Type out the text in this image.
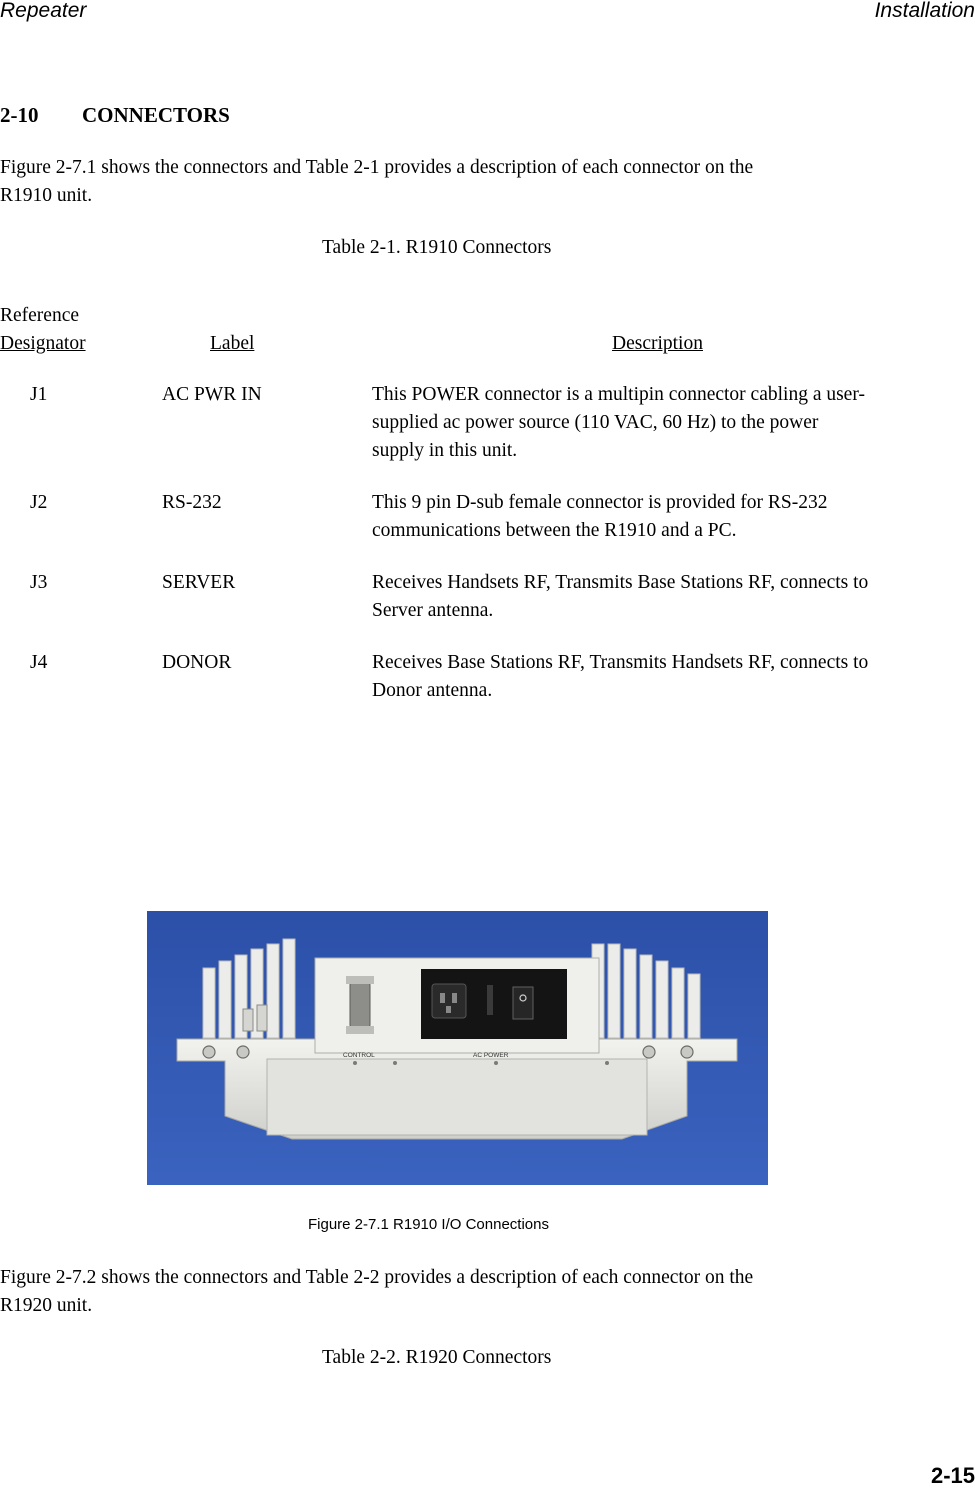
Repeater	Installation
2-10 CONNECTORS
Figure 2-7.1 shows the connectors and Table 2-1 provides a description of each connector on the
R1910 unit.
Table 2-1. R1910 Connectors
Reference
Designator	Label	Description
J1	AC PWR IN	This POWER connector is a multipin connector cabling a user-
supplied ac power source (110 VAC, 60 Hz) to the power
supply in this unit.
J2	RS-232	This 9 pin D-sub female connector is provided for RS-232
communications between the R1910 and a PC.
J3	SERVER	Receives Handsets RF, Transmits Base Stations RF, connects to
Server antenna.
J4	DONOR	Receives Base Stations RF, Transmits Handsets RF, connects to
Donor antenna.
CONTROL	AC POWER
Figure 2-7.1 R1910 I/O Connections
Figure 2-7.2 shows the connectors and Table 2-2 provides a description of each connector on the
R1920 unit.
Table 2-2. R1920 Connectors
2-15
